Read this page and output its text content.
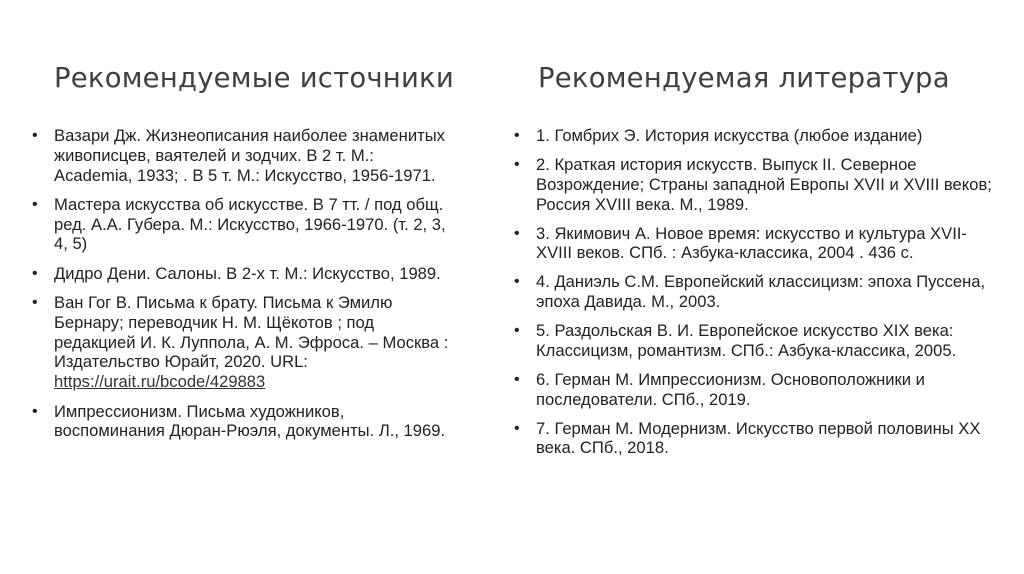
Рекомендуемые источники
• Вазари Дж. Жизнеописания наиболее знаменитых живописцев, ваятелей и зодчих. В 2 т. М.: Academia, 1933; . В 5 т. М.: Искусство, 1956-1971.
• Мастера искусства об искусстве. В 7 тт. / под общ. ред. А.А. Губера. М.: Искусство, 1966-1970. (т. 2, 3, 4, 5)
• Дидро Дени. Салоны. В 2-х т. М.: Искусство, 1989.
• Ван Гог В. Письма к брату. Письма к Эмилю Бернару; переводчик Н. М. Щёкотов ; под редакцией И. К. Луппола, А. М. Эфроса. – Москва : Издательство Юрайт, 2020. URL: https://urait.ru/bcode/429883
• Импрессионизм. Письма художников, воспоминания Дюран-Рюэля, документы. Л., 1969.
Рекомендуемая литература
• 1. Гомбрих Э. История искусства (любое издание)
• 2. Краткая история искусств. Выпуск II. Северное Возрождение; Страны западной Европы XVII и XVIII веков; Россия XVIII века. М., 1989.
• 3. Якимович А. Новое время: искусство и культура XVII-XVIII веков. СПб. : Азбука-классика, 2004 . 436 с.
• 4. Даниэль С.М. Европейский классицизм: эпоха Пуссена, эпоха Давида. М., 2003.
• 5. Раздольская В. И. Европейское искусство XIX века: Классицизм, романтизм. СПб.: Азбука-классика, 2005.
• 6. Герман М. Импрессионизм. Основоположники и последователи. СПб., 2019.
• 7. Герман М. Модернизм. Искусство первой половины XX века. СПб., 2018.
